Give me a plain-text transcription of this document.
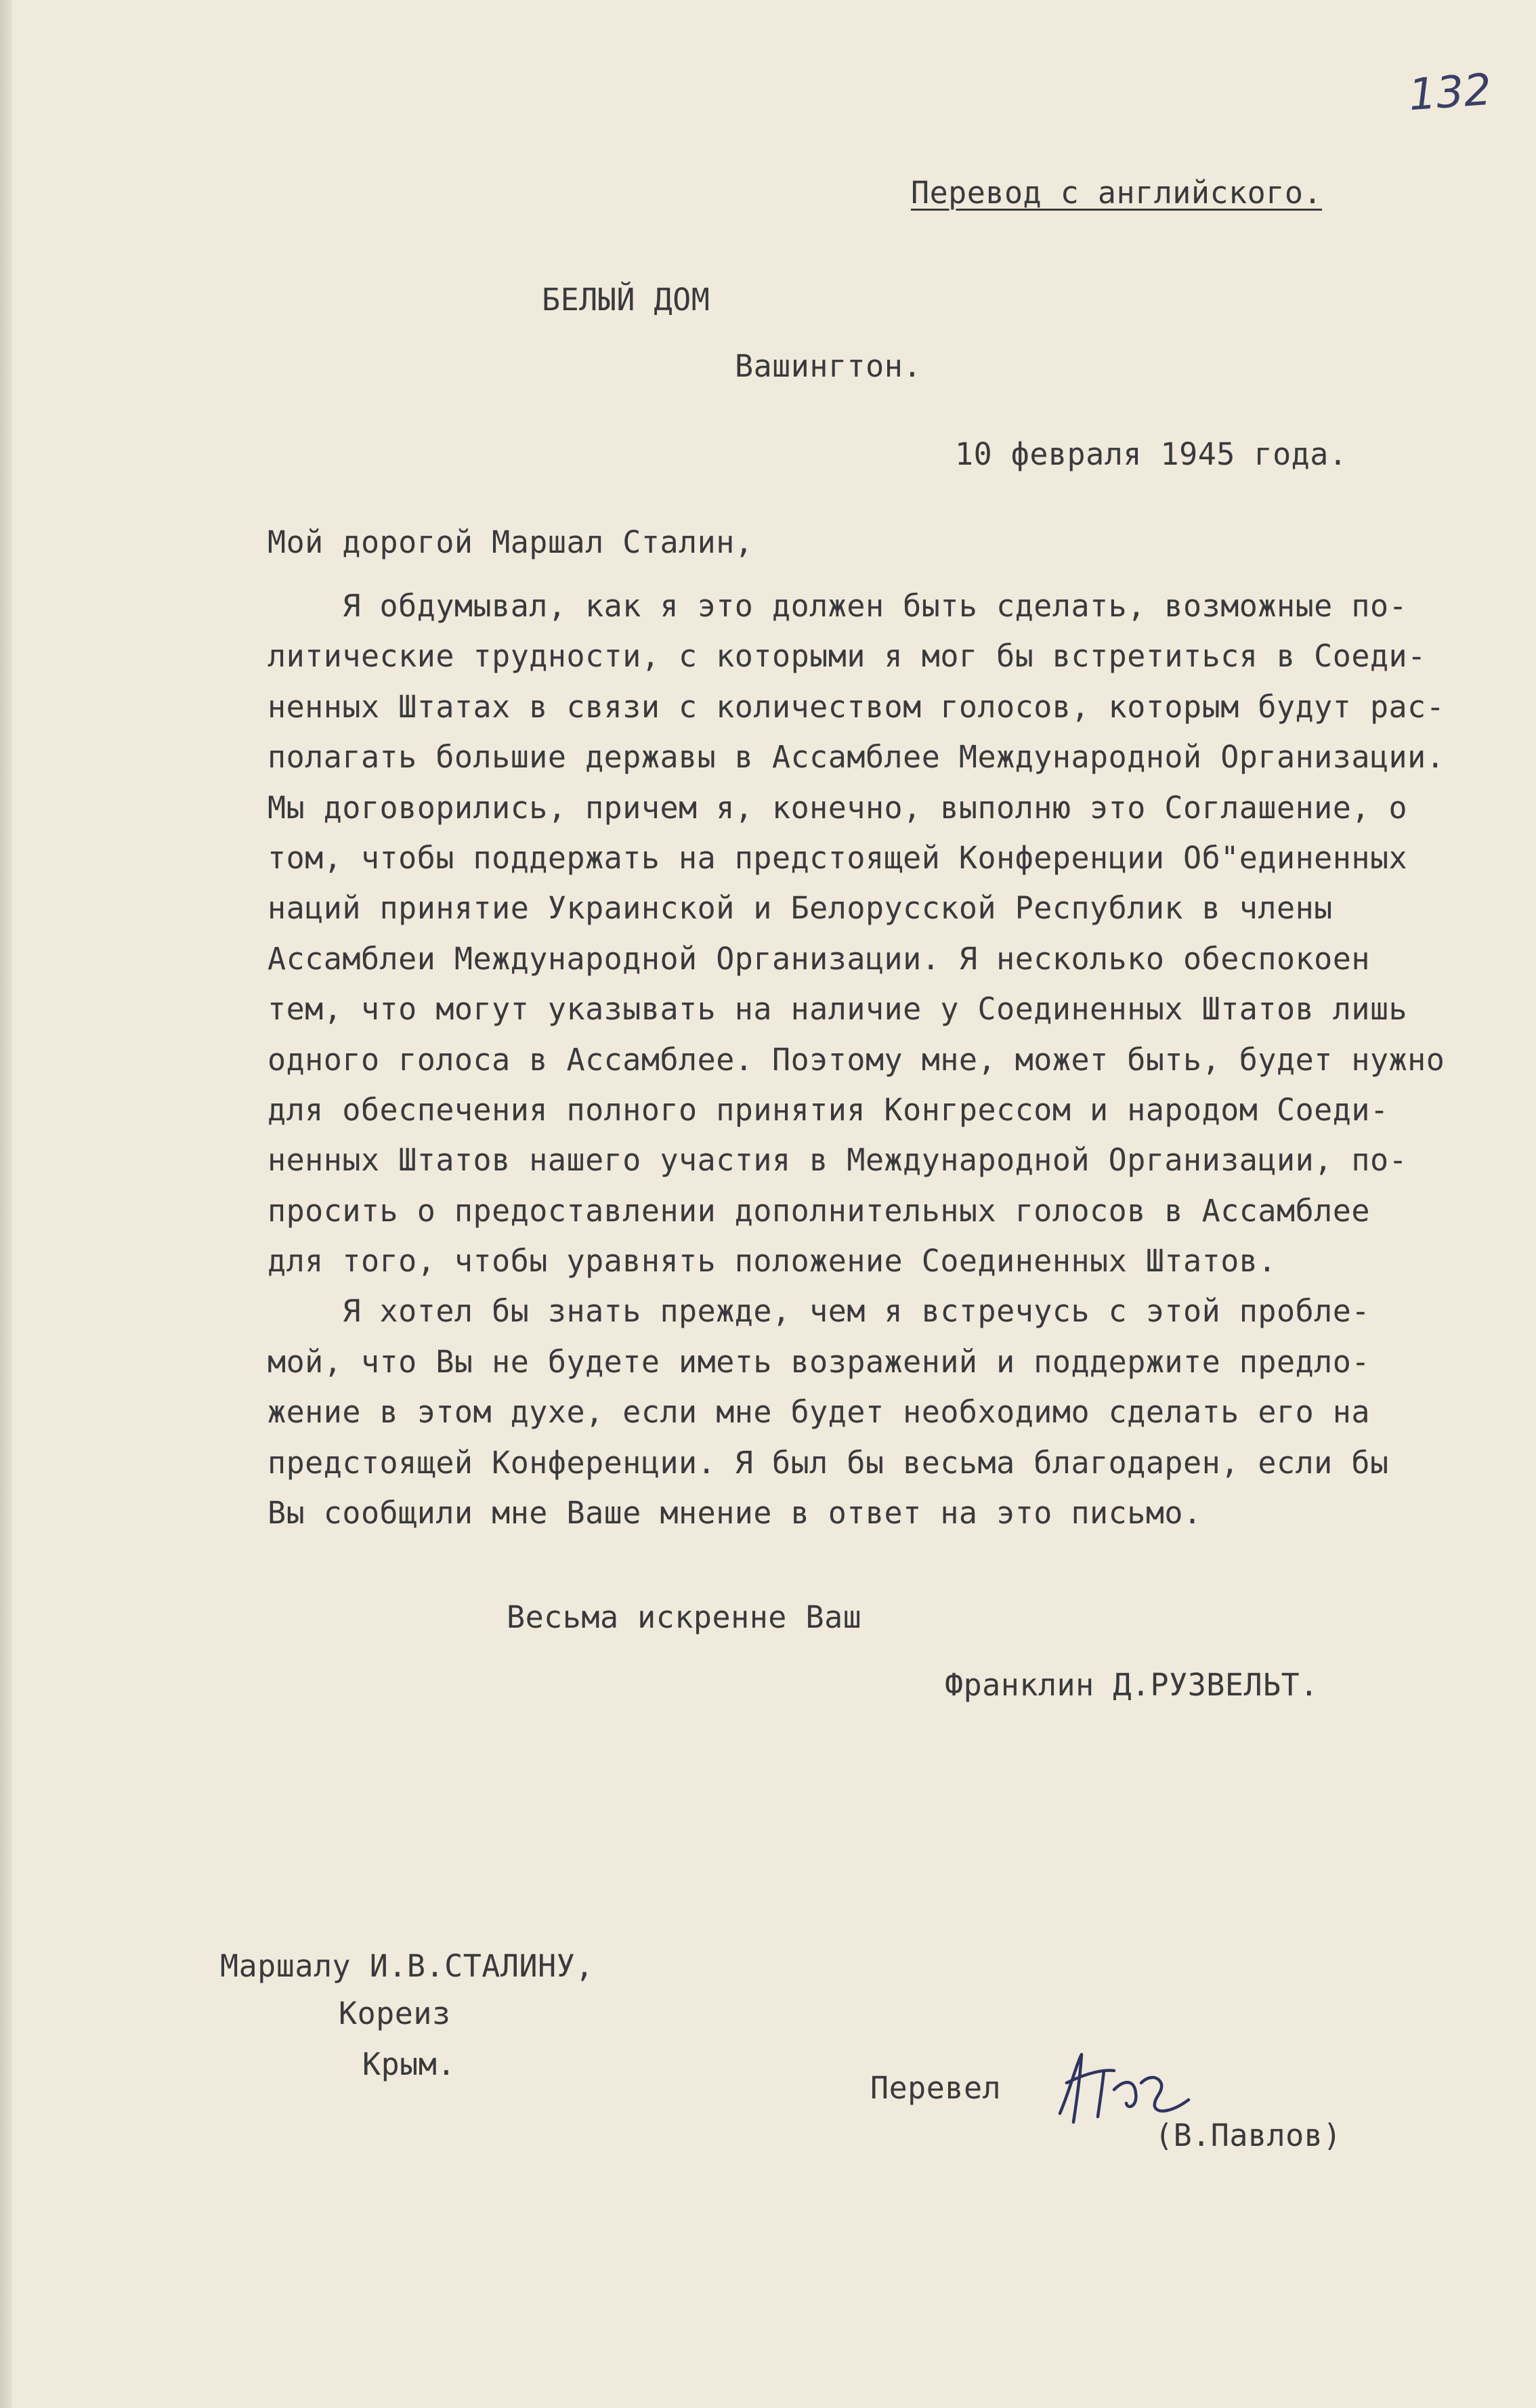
132
Перевод с английского.
БЕЛЫЙ ДОМ
Вашингтон.
10 февраля 1945 года.
Мой дорогой Маршал Сталин,
Я обдумывал, как я это должен быть сделать, возможные по-
литические трудности, с которыми я мог бы встретиться в Соеди-
ненных Штатах в связи с количеством голосов, которым будут рас-
полагать большие державы в Ассамблее Международной Организации.
Мы договорились, причем я, конечно, выполню это Соглашение, о
том, чтобы поддержать на предстоящей Конференции Об"единенных
наций принятие Украинской и Белорусской Республик в члены
Ассамблеи Международной Организации. Я несколько обеспокоен
тем, что могут указывать на наличие у Соединенных Штатов лишь
одного голоса в Ассамблее. Поэтому мне, может быть, будет нужно
для обеспечения полного принятия Конгрессом и народом Соеди-
ненных Штатов нашего участия в Международной Организации, по-
просить о предоставлении дополнительных голосов в Ассамблее
для того, чтобы уравнять положение Соединенных Штатов.
Я хотел бы знать прежде, чем я встречусь с этой пробле-
мой, что Вы не будете иметь возражений и поддержите предло-
жение в этом духе, если мне будет необходимо сделать его на
предстоящей Конференции. Я был бы весьма благодарен, если бы
Вы сообщили мне Ваше мнение в ответ на это письмо.
Весьма искренне Ваш
Франклин Д.РУЗВЕЛЬТ.
Маршалу И.В.СТАЛИНУ,
Кореиз
Крым.
Перевел
(В.Павлов)
